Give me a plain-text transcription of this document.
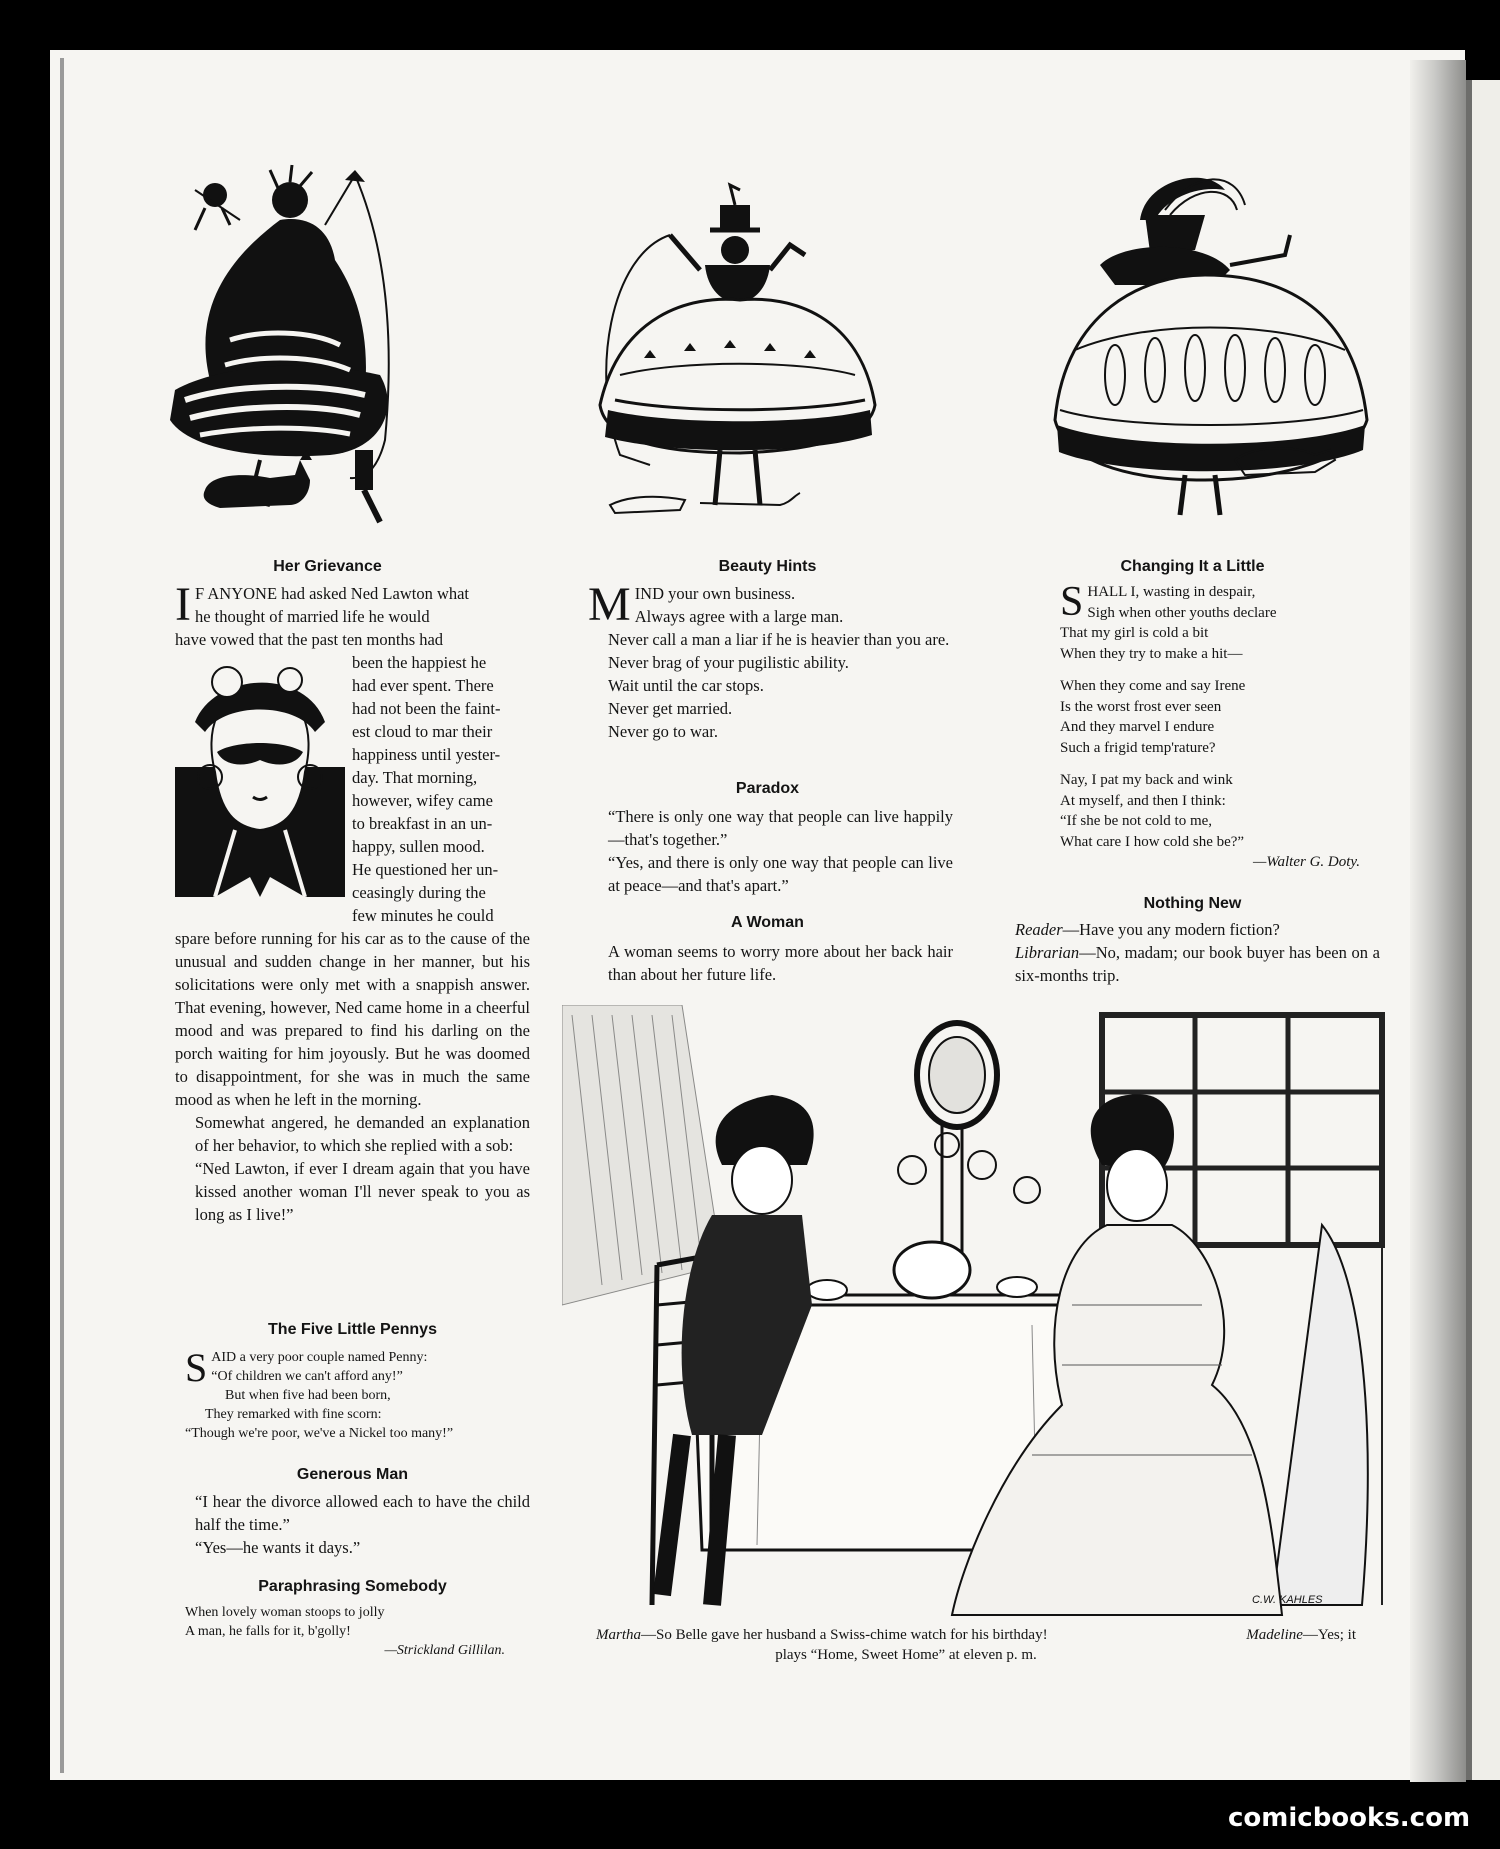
Her Grievance
I F ANYONE had asked Ned Lawton what
he thought of married life he would
have vowed that the past ten months had
been the happiest he
had ever spent. There
had not been the faint-
est cloud to mar their
happiness until yester-
day. That morning,
however, wifey came
to breakfast in an un-
happy, sullen mood.
He questioned her un-
ceasingly during the
few minutes he could

spare before running for his car as to the cause of the unusual and sudden change in her manner, but his solicitations were only met with a snappish answer. That evening, however, Ned came home in a cheerful mood and was prepared to find his darling on the porch waiting for him joyously. But he was doomed to disappointment, for she was in much the same mood as when he left in the morning.

Somewhat angered, he demanded an explanation of her behavior, to which she replied with a sob:

“Ned Lawton, if ever I dream again that you have kissed another woman I'll never speak to you as long as I live!”

The Five Little Pennys
S AID a very poor couple named Penny:
“Of children we can't afford any!”
But when five had been born,
They remarked with fine scorn:
“Though we're poor, we've a Nickel too many!”
Generous Man

“I hear the divorce allowed each to have the child half the time.”

“Yes—he wants it days.”

Paraphrasing Somebody
When lovely woman stoops to jolly
A man, he falls for it, b'golly!
—Strickland Gillilan.
Beauty Hints
M IND your own business.
Always agree with a large man.

Never call a man a liar if he is heavier than you are.

Never brag of your pugilistic ability.
Wait until the car stops.
Never get married.
Never go to war.
Paradox

“There is only one way that people can live happily—that's together.”

“Yes, and there is only one way that people can live at peace—and that's apart.”

A Woman

A woman seems to worry more about her back hair than about her future life.

Changing It a Little
S HALL I, wasting in despair,
Sigh when other youths declare
That my girl is cold a bit
When they try to make a hit—
When they come and say Irene
Is the worst frost ever seen
And they marvel I endure
Such a frigid temp'rature?
Nay, I pat my back and wink
At myself, and then I think:
“If she be not cold to me,
What care I how cold she be?”
—Walter G. Doty.
Nothing New

Reader—Have you any modern fiction?

Librarian—No, madam; our book buyer has been on a six-months trip.

C.W. KAHLES
Martha—So Belle gave her husband a Swiss-chime watch for his birthday!	Madeline—Yes; it
plays “Home, Sweet Home” at eleven p. m.
comicbooks.com
